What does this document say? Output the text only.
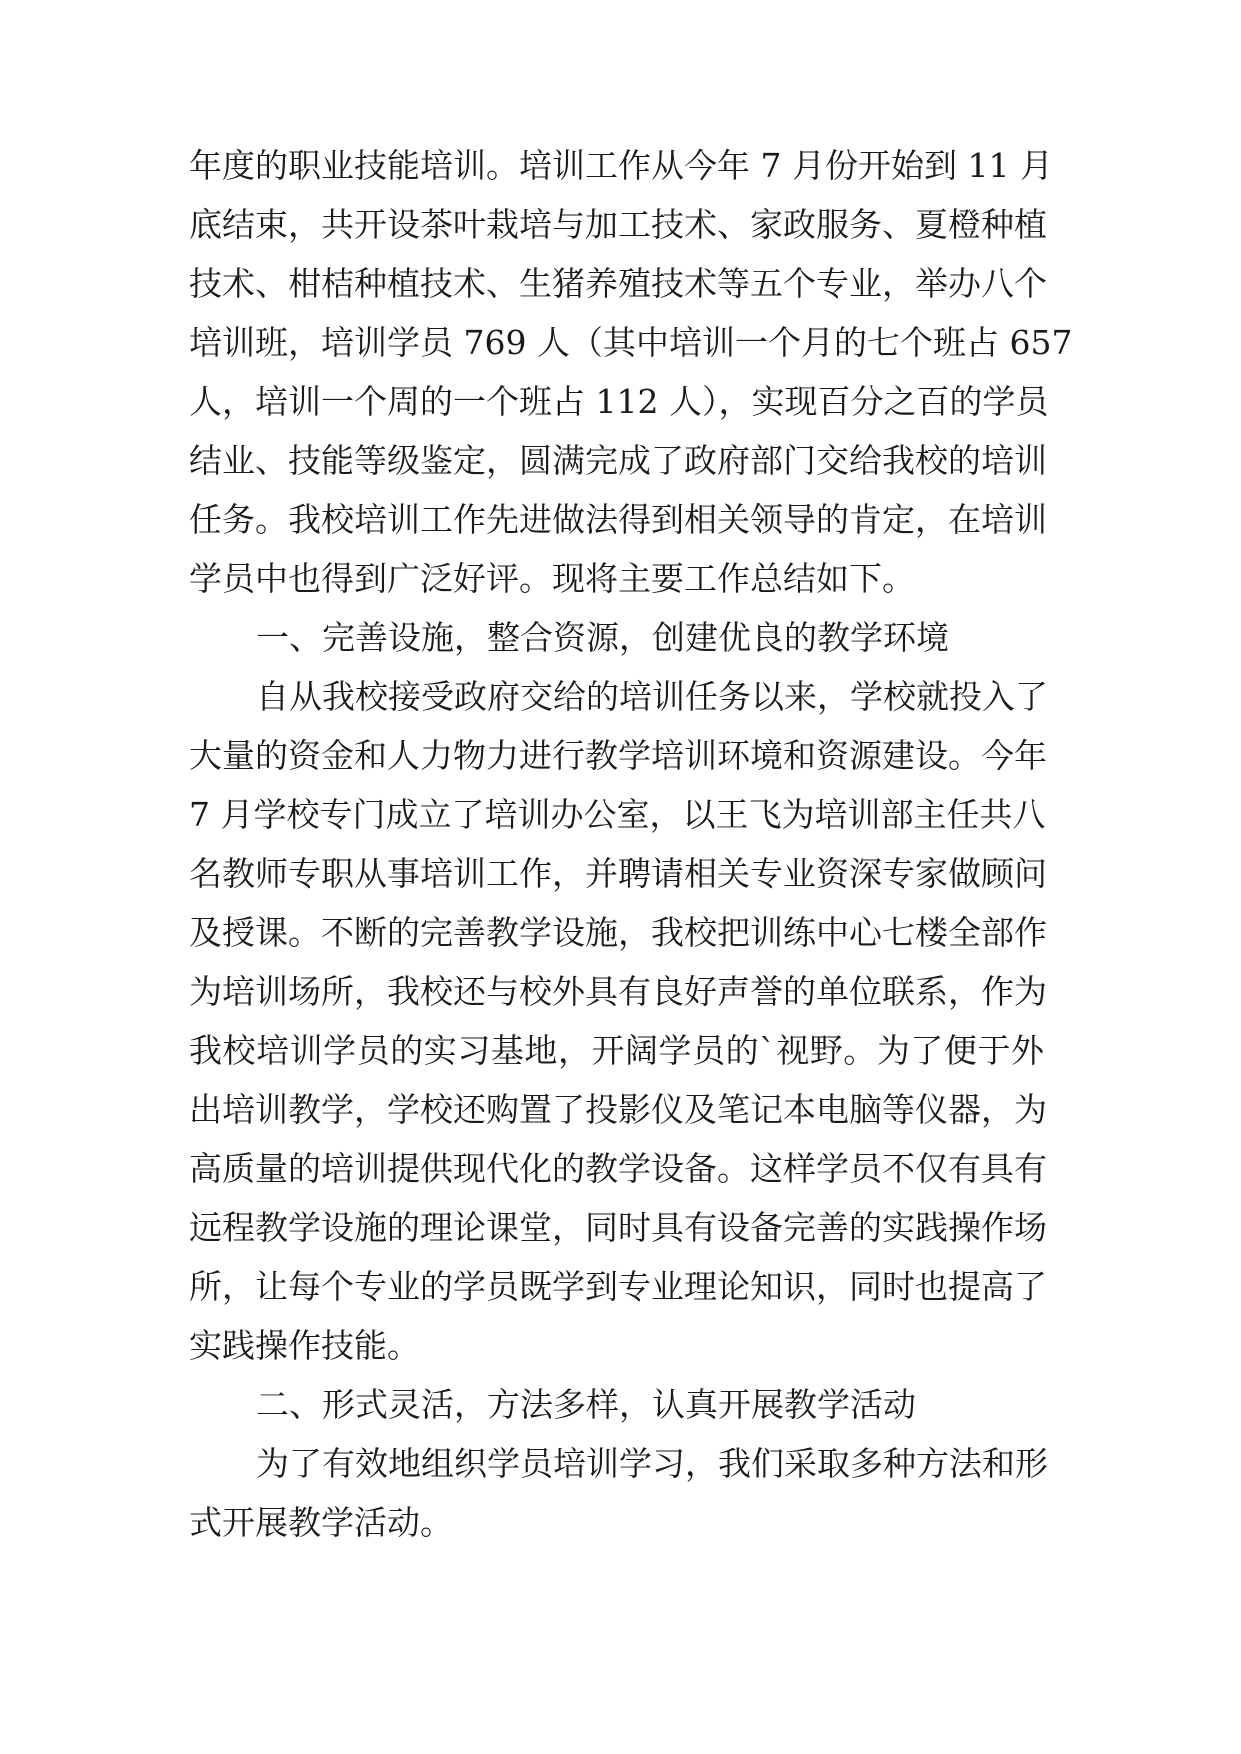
年度的职业技能培训。培训工作从今年 7 月份开始到 11 月

底结束，共开设茶叶栽培与加工技术、家政服务、夏橙种植

技术、柑桔种植技术、生猪养殖技术等五个专业，举办八个

培训班，培训学员 769 人（其中培训一个月的七个班占 657

人，培训一个周的一个班占 112 人），实现百分之百的学员

结业、技能等级鉴定，圆满完成了政府部门交给我校的培训

任务。我校培训工作先进做法得到相关领导的肯定，在培训

学员中也得到广泛好评。现将主要工作总结如下。

一、完善设施，整合资源，创建优良的教学环境

自从我校接受政府交给的培训任务以来，学校就投入了

大量的资金和人力物力进行教学培训环境和资源建设。今年

7 月学校专门成立了培训办公室，以王飞为培训部主任共八

名教师专职从事培训工作，并聘请相关专业资深专家做顾问

及授课。不断的完善教学设施，我校把训练中心七楼全部作

为培训场所，我校还与校外具有良好声誉的单位联系，作为

我校培训学员的实习基地，开阔学员的`视野。为了便于外

出培训教学，学校还购置了投影仪及笔记本电脑等仪器，为

高质量的培训提供现代化的教学设备。这样学员不仅有具有

远程教学设施的理论课堂，同时具有设备完善的实践操作场

所，让每个专业的学员既学到专业理论知识，同时也提高了

实践操作技能。

二、形式灵活，方法多样，认真开展教学活动

为了有效地组织学员培训学习，我们采取多种方法和形

式开展教学活动。
